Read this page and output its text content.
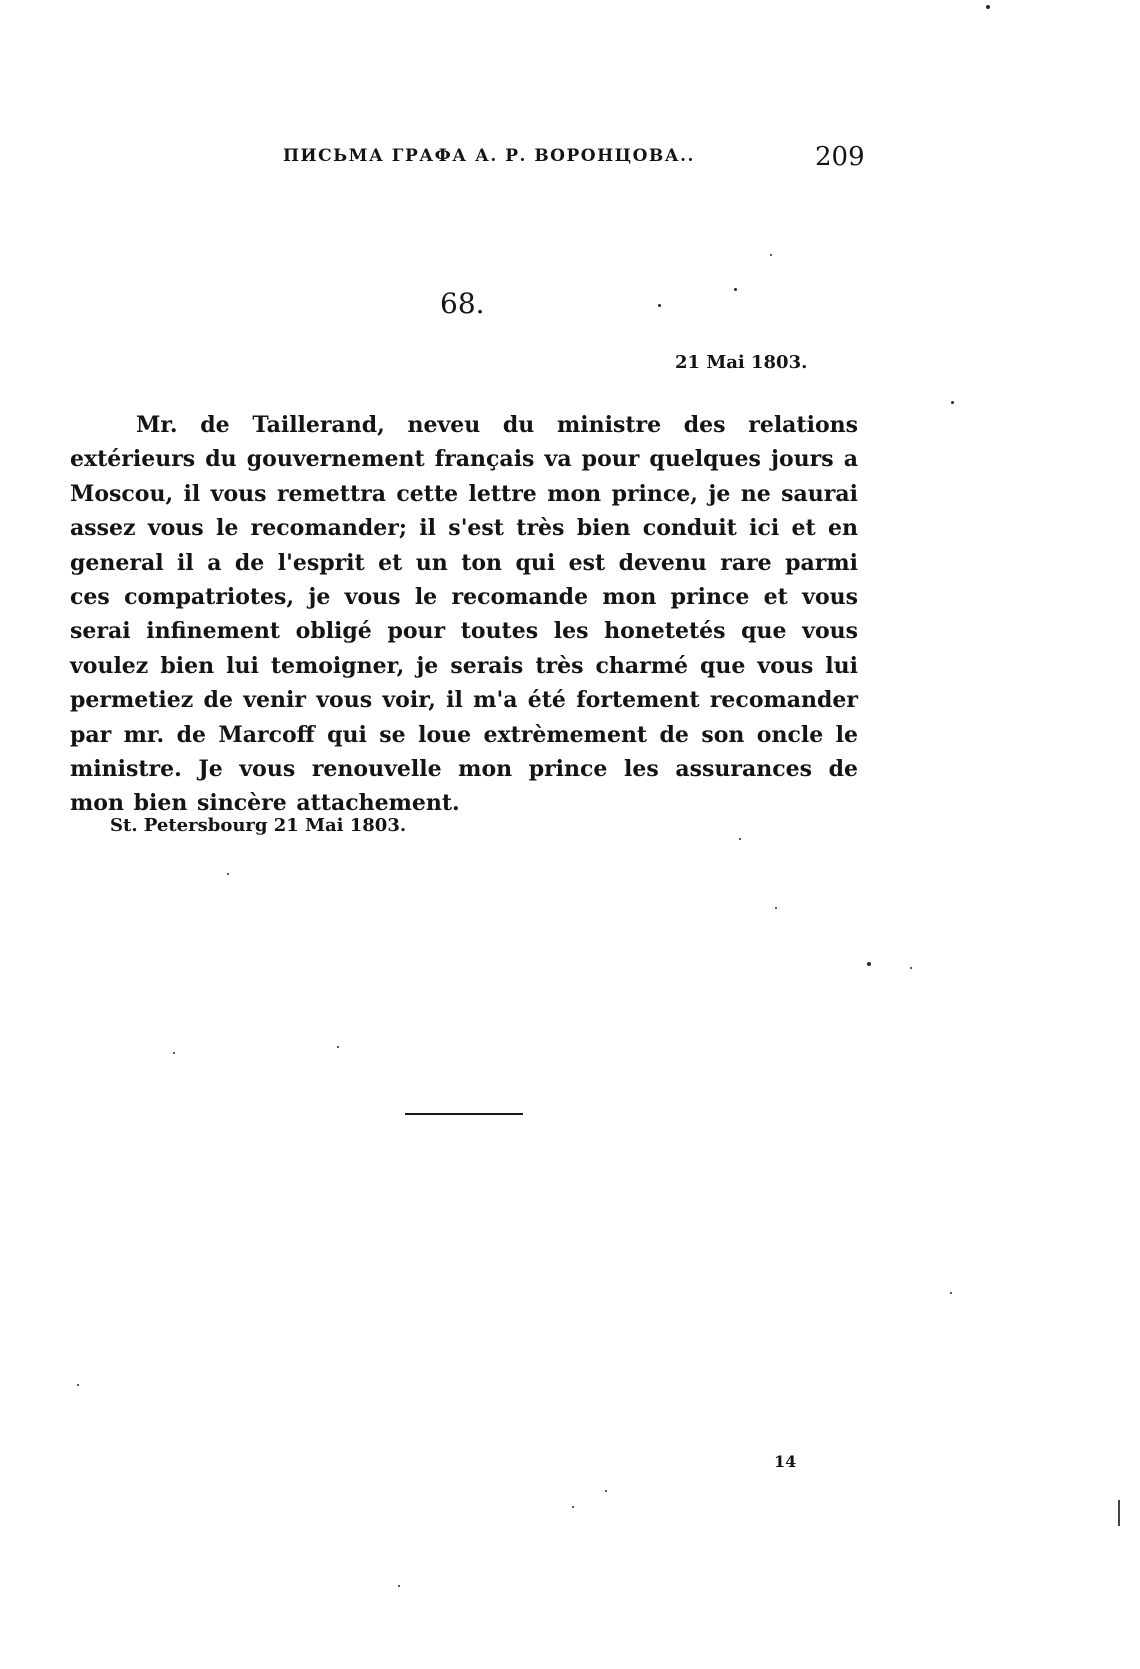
ПИСЬМА ГРАФА А. Р. ВОРОНЦОВА..	209
68.
21 Mai 1803.

Mr. de Taillerand, neveu du ministre des relations extérieurs du gouvernement français va pour quelques jours a Moscou, il vous remettra cette lettre mon prince, je ne saurai assez vous le recomander; il s'est très bien conduit ici et en general il a de l'esprit et un ton qui est devenu rare parmi ces compatriotes, je vous le recomande mon prince et vous serai infinement obligé pour toutes les honetetés que vous voulez bien lui temoigner, je serais très charmé que vous lui permetiez de venir vous voir, il m'a été fortement recomander par mr. de Marcoff qui se loue extrèmement de son oncle le ministre. Je vous renouvelle mon prince les assurances de mon bien sincère attachement.

St. Petersbourg 21 Mai 1803.
14
